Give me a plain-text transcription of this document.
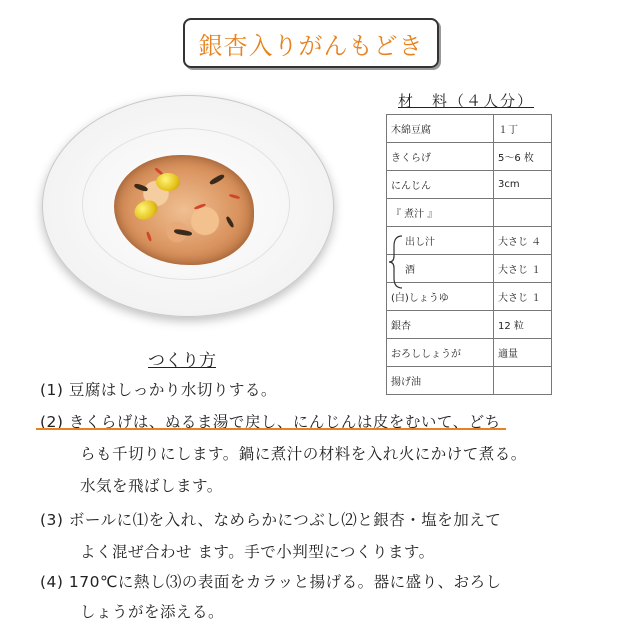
銀杏入りがんもどき
材　料（４人分）
木綿豆腐	１丁
きくらげ	5〜6 枚
にんじん	3cm
『 煮汁 』	
出し汁	大さじ ４
酒	大さじ １
(白)しょうゆ	大さじ １
銀杏	12 粒
おろししょうが	適量
揚げ油	
つくり方
(1) 豆腐はしっかり水切りする。
(2) きくらげは、ぬるま湯で戻し、にんじんは皮をむいて、どち
らも千切りにします。鍋に煮汁の材料を入れ火にかけて煮る。
水気を飛ばします。
(3) ボールに⑴を入れ、なめらかにつぶし⑵と銀杏・塩を加えて
よく混ぜ合わせ ます。手で小判型につくります。
(4) 170℃に熱し⑶の表面をカラッと揚げる。器に盛り、おろし
しょうがを添える。
